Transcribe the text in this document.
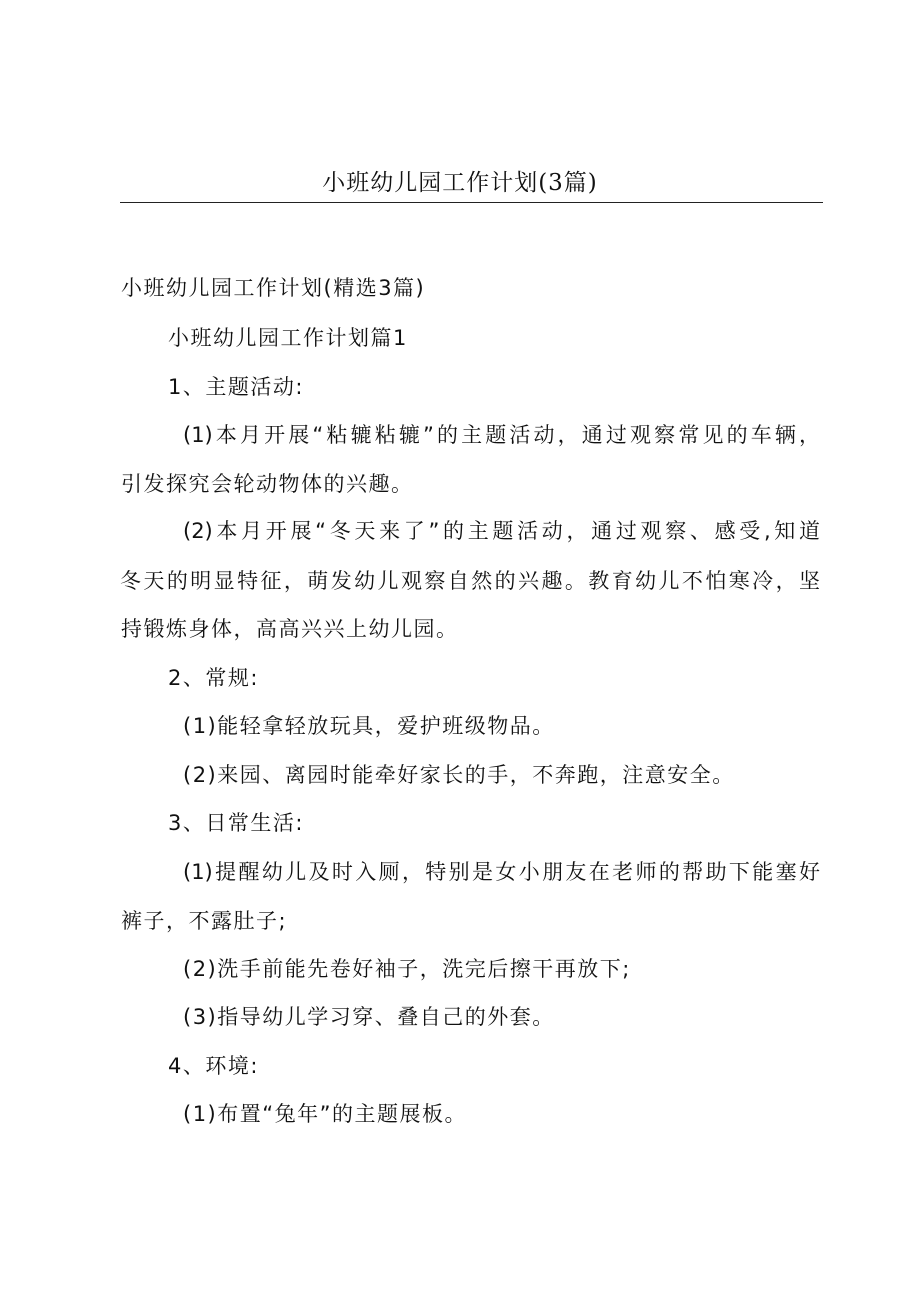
小班幼儿园工作计划(3篇)
小班幼儿园工作计划(精选3篇)
小班幼儿园工作计划篇1
1、主题活动:
(1)本月开展“粘辘粘辘”的主题活动，通过观察常见的车辆，
引发探究会轮动物体的兴趣。
(2)本月开展“冬天来了”的主题活动，通过观察、感受,知道
冬天的明显特征，萌发幼儿观察自然的兴趣。教育幼儿不怕寒冷，坚
持锻炼身体，高高兴兴上幼儿园。
2、常规:
(1)能轻拿轻放玩具，爱护班级物品。
(2)来园、离园时能牵好家长的手，不奔跑，注意安全。
3、日常生活:
(1)提醒幼儿及时入厕，特别是女小朋友在老师的帮助下能塞好
裤子，不露肚子;
(2)洗手前能先卷好袖子，洗完后擦干再放下;
(3)指导幼儿学习穿、叠自己的外套。
4、环境:
(1)布置“兔年”的主题展板。
